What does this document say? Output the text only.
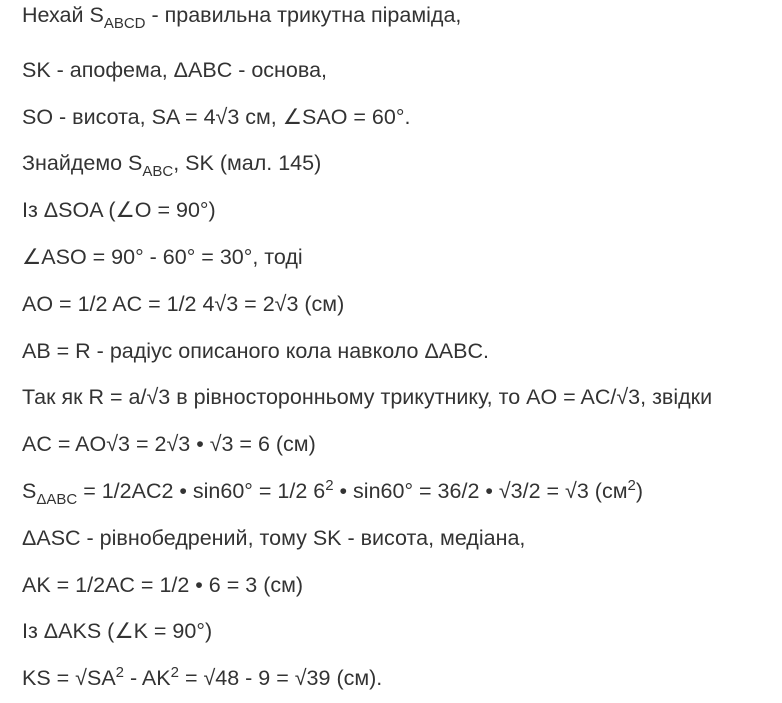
Нехай $S_{ABCD}$ - правильна трикутна піраміда,
SK - апофема, ΔABC - основа,
SO - висота, SA = 4√3 см, ∠SAO = 60°.
Знайдемо $S_{ABC}$, SK (мал. 145)
Із ΔSOA (∠O = 90°)
∠ASO = 90° - 60° = 30°, тоді
AO = 1/2 AC = 1/2 4√3 = 2√3 (см)
AB = R - радіус описаного кола навколо ΔABC.
Так як R = a/√3 в рівносторонньому трикутнику, то AO = AC/√3, звідки
AC = AO√3 = 2√3 • √3 = 6 (см)
$S_{\Delta ABC} = 1/2AC2$ • sin60° = 1/2 $6^2$ • sin60° = 36/2 • √3/2 = √3 $(см^2)$
ΔASC - рівнобедрений, тому SK - висота, медіана,
AK = 1/2AC = 1/2 • 6 = 3 (см)
Із ΔAKS (∠K = 90°)
KS = $√SA^2 - AK^2 = √48 - 9 = √39$ (см).
